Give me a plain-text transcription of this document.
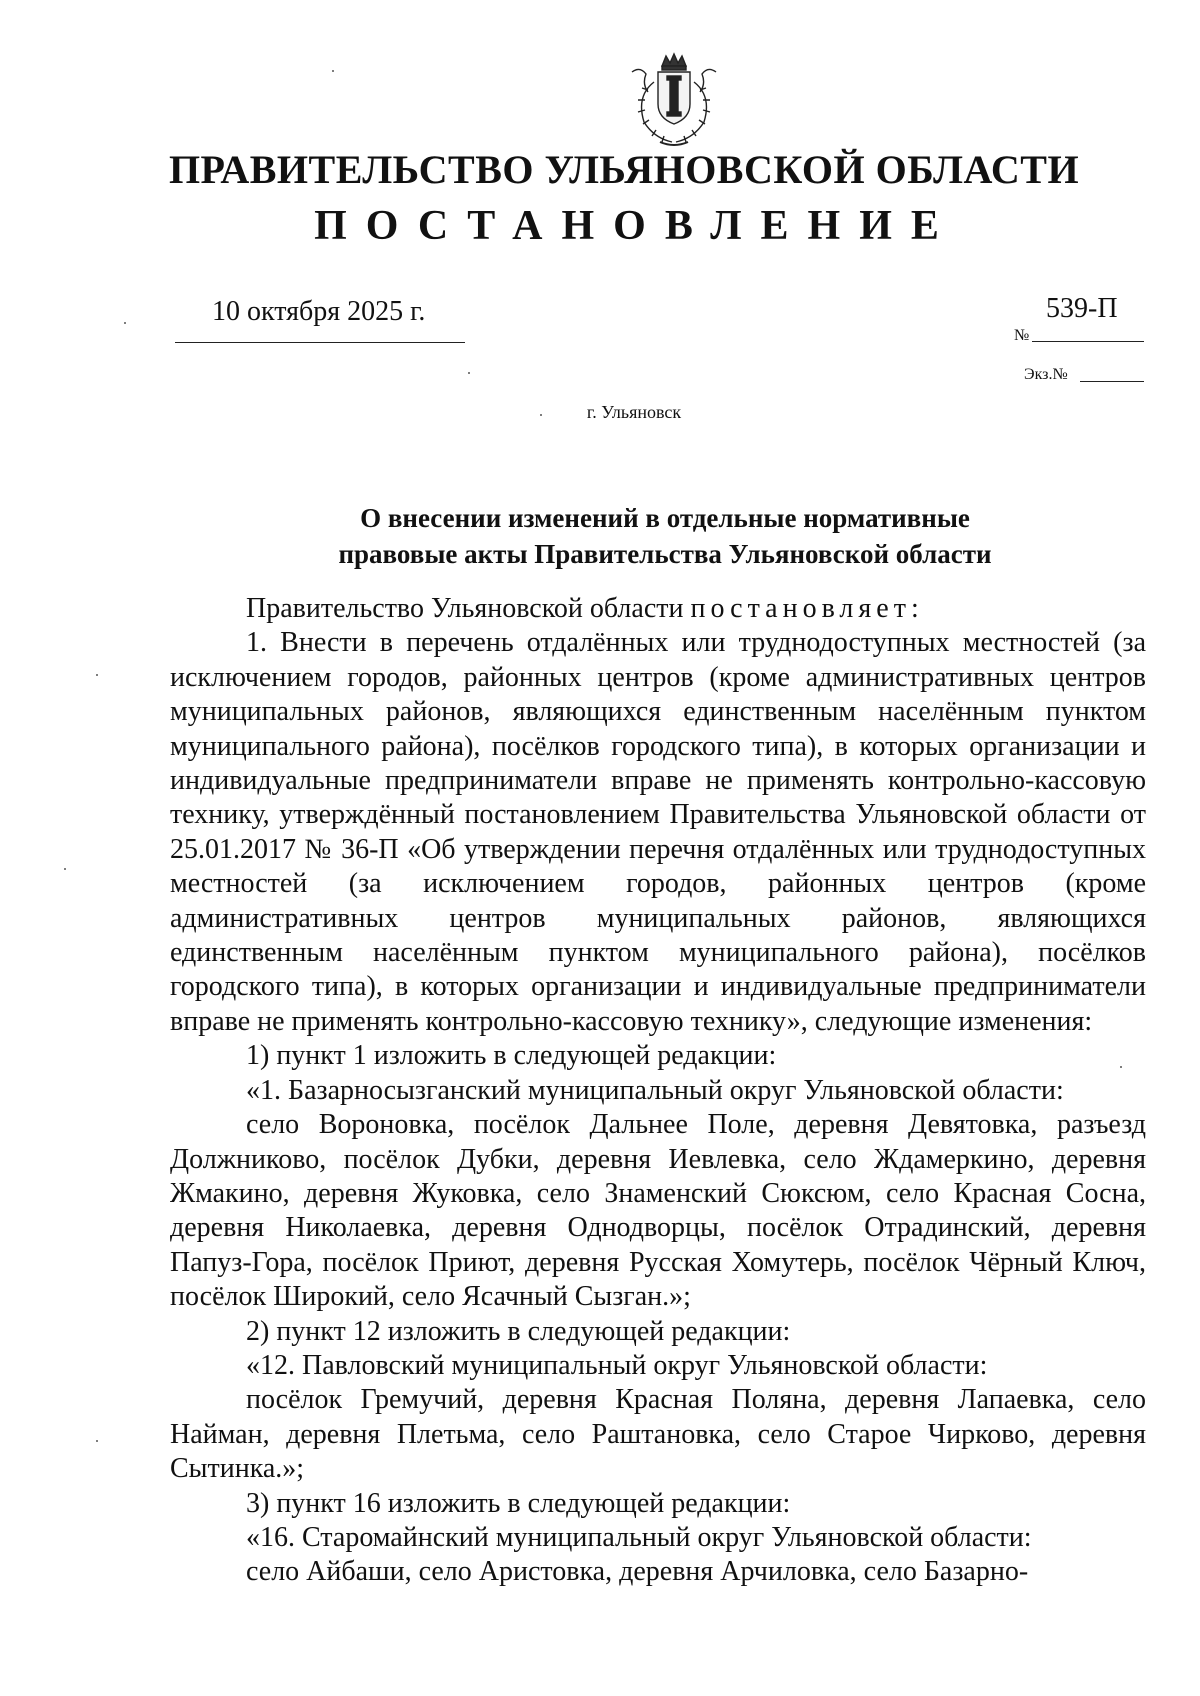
ПРАВИТЕЛЬСТВО УЛЬЯНОВСКОЙ ОБЛАСТИ
ПОСТАНОВЛЕНИЕ
10 октября 2025 г.
№
539-П
Экз.№
г. Ульяновск
О внесении изменений в отдельные нормативные
правовые акты Правительства Ульяновской области

Правительство Ульяновской области постановляет:

1. Внести в перечень отдалённых или труднодоступных местностей (за исключением городов, районных центров (кроме административных центров муниципальных районов, являющихся единственным населённым пунктом муниципального района), посёлков городского типа), в которых организации и индивидуальные предприниматели вправе не применять контрольно-кассовую технику, утверждённый постановлением Правительства Ульяновской области от 25.01.2017 № 36-П «Об утверждении перечня отдалённых или труднодоступных местностей (за исключением городов, районных центров (кроме административных центров муниципальных районов, являющихся единственным населённым пунктом муниципального района), посёлков городского типа), в которых организации и индивидуальные предприниматели вправе не применять контрольно-кассовую технику», следующие изменения:

1) пункт 1 изложить в следующей редакции:

«1. Базарносызганский муниципальный округ Ульяновской области:

село Вороновка, посёлок Дальнее Поле, деревня Девятовка, разъезд Должниково, посёлок Дубки, деревня Иевлевка, село Ждамеркино, деревня Жмакино, деревня Жуковка, село Знаменский Сюксюм, село Красная Сосна, деревня Николаевка, деревня Однодворцы, посёлок Отрадинский, деревня Папуз-Гора, посёлок Приют, деревня Русская Хомутерь, посёлок Чёрный Ключ, посёлок Широкий, село Ясачный Сызган.»;

2) пункт 12 изложить в следующей редакции:

«12. Павловский муниципальный округ Ульяновской области:

посёлок Гремучий, деревня Красная Поляна, деревня Лапаевка, село Найман, деревня Плетьма, село Раштановка, село Старое Чирково, деревня Сытинка.»;

3) пункт 16 изложить в следующей редакции:

«16. Старомайнский муниципальный округ Ульяновской области:

село Айбаши, село Аристовка, деревня Арчиловка, село Базарно-
